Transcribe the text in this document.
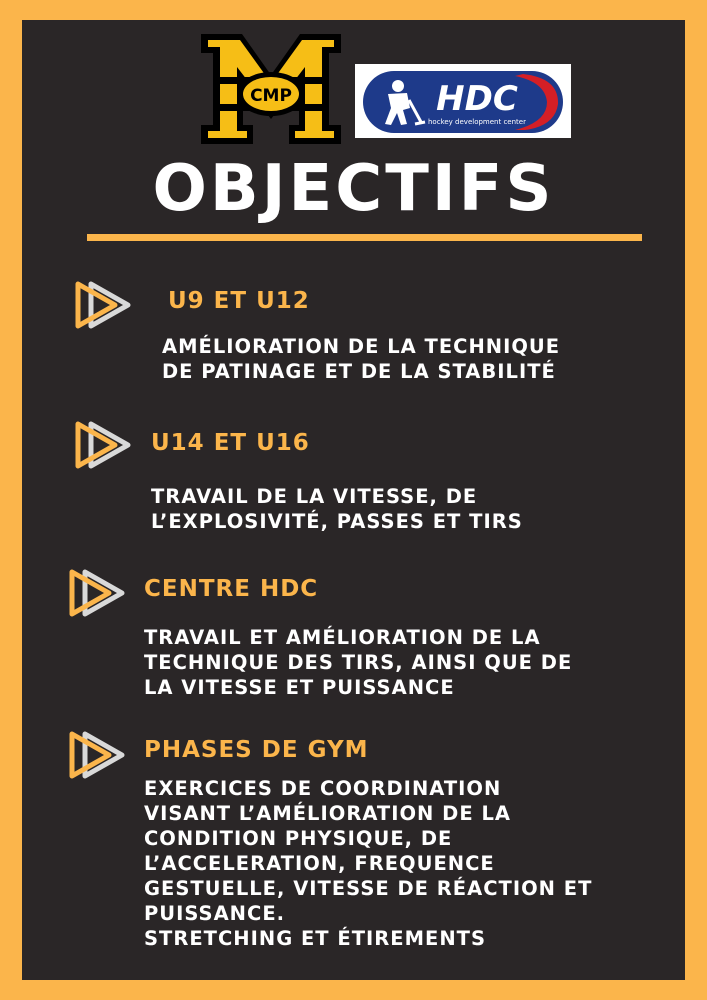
CMP	HDC
hockey development center
OBJECTIFS
U9 ET U12
AMÉLIORATION DE LA TECHNIQUE
DE PATINAGE ET DE LA STABILITÉ
U14 ET U16
TRAVAIL DE LA VITESSE, DE
L’EXPLOSIVITÉ, PASSES ET TIRS
CENTRE HDC
TRAVAIL ET AMÉLIORATION DE LA
TECHNIQUE DES TIRS, AINSI QUE DE
LA VITESSE ET PUISSANCE
PHASES DE GYM
EXERCICES DE COORDINATION
VISANT L’AMÉLIORATION DE LA
CONDITION PHYSIQUE, DE
L’ACCELERATION, FREQUENCE
GESTUELLE, VITESSE DE RÉACTION ET
PUISSANCE.
STRETCHING ET ÉTIREMENTS
